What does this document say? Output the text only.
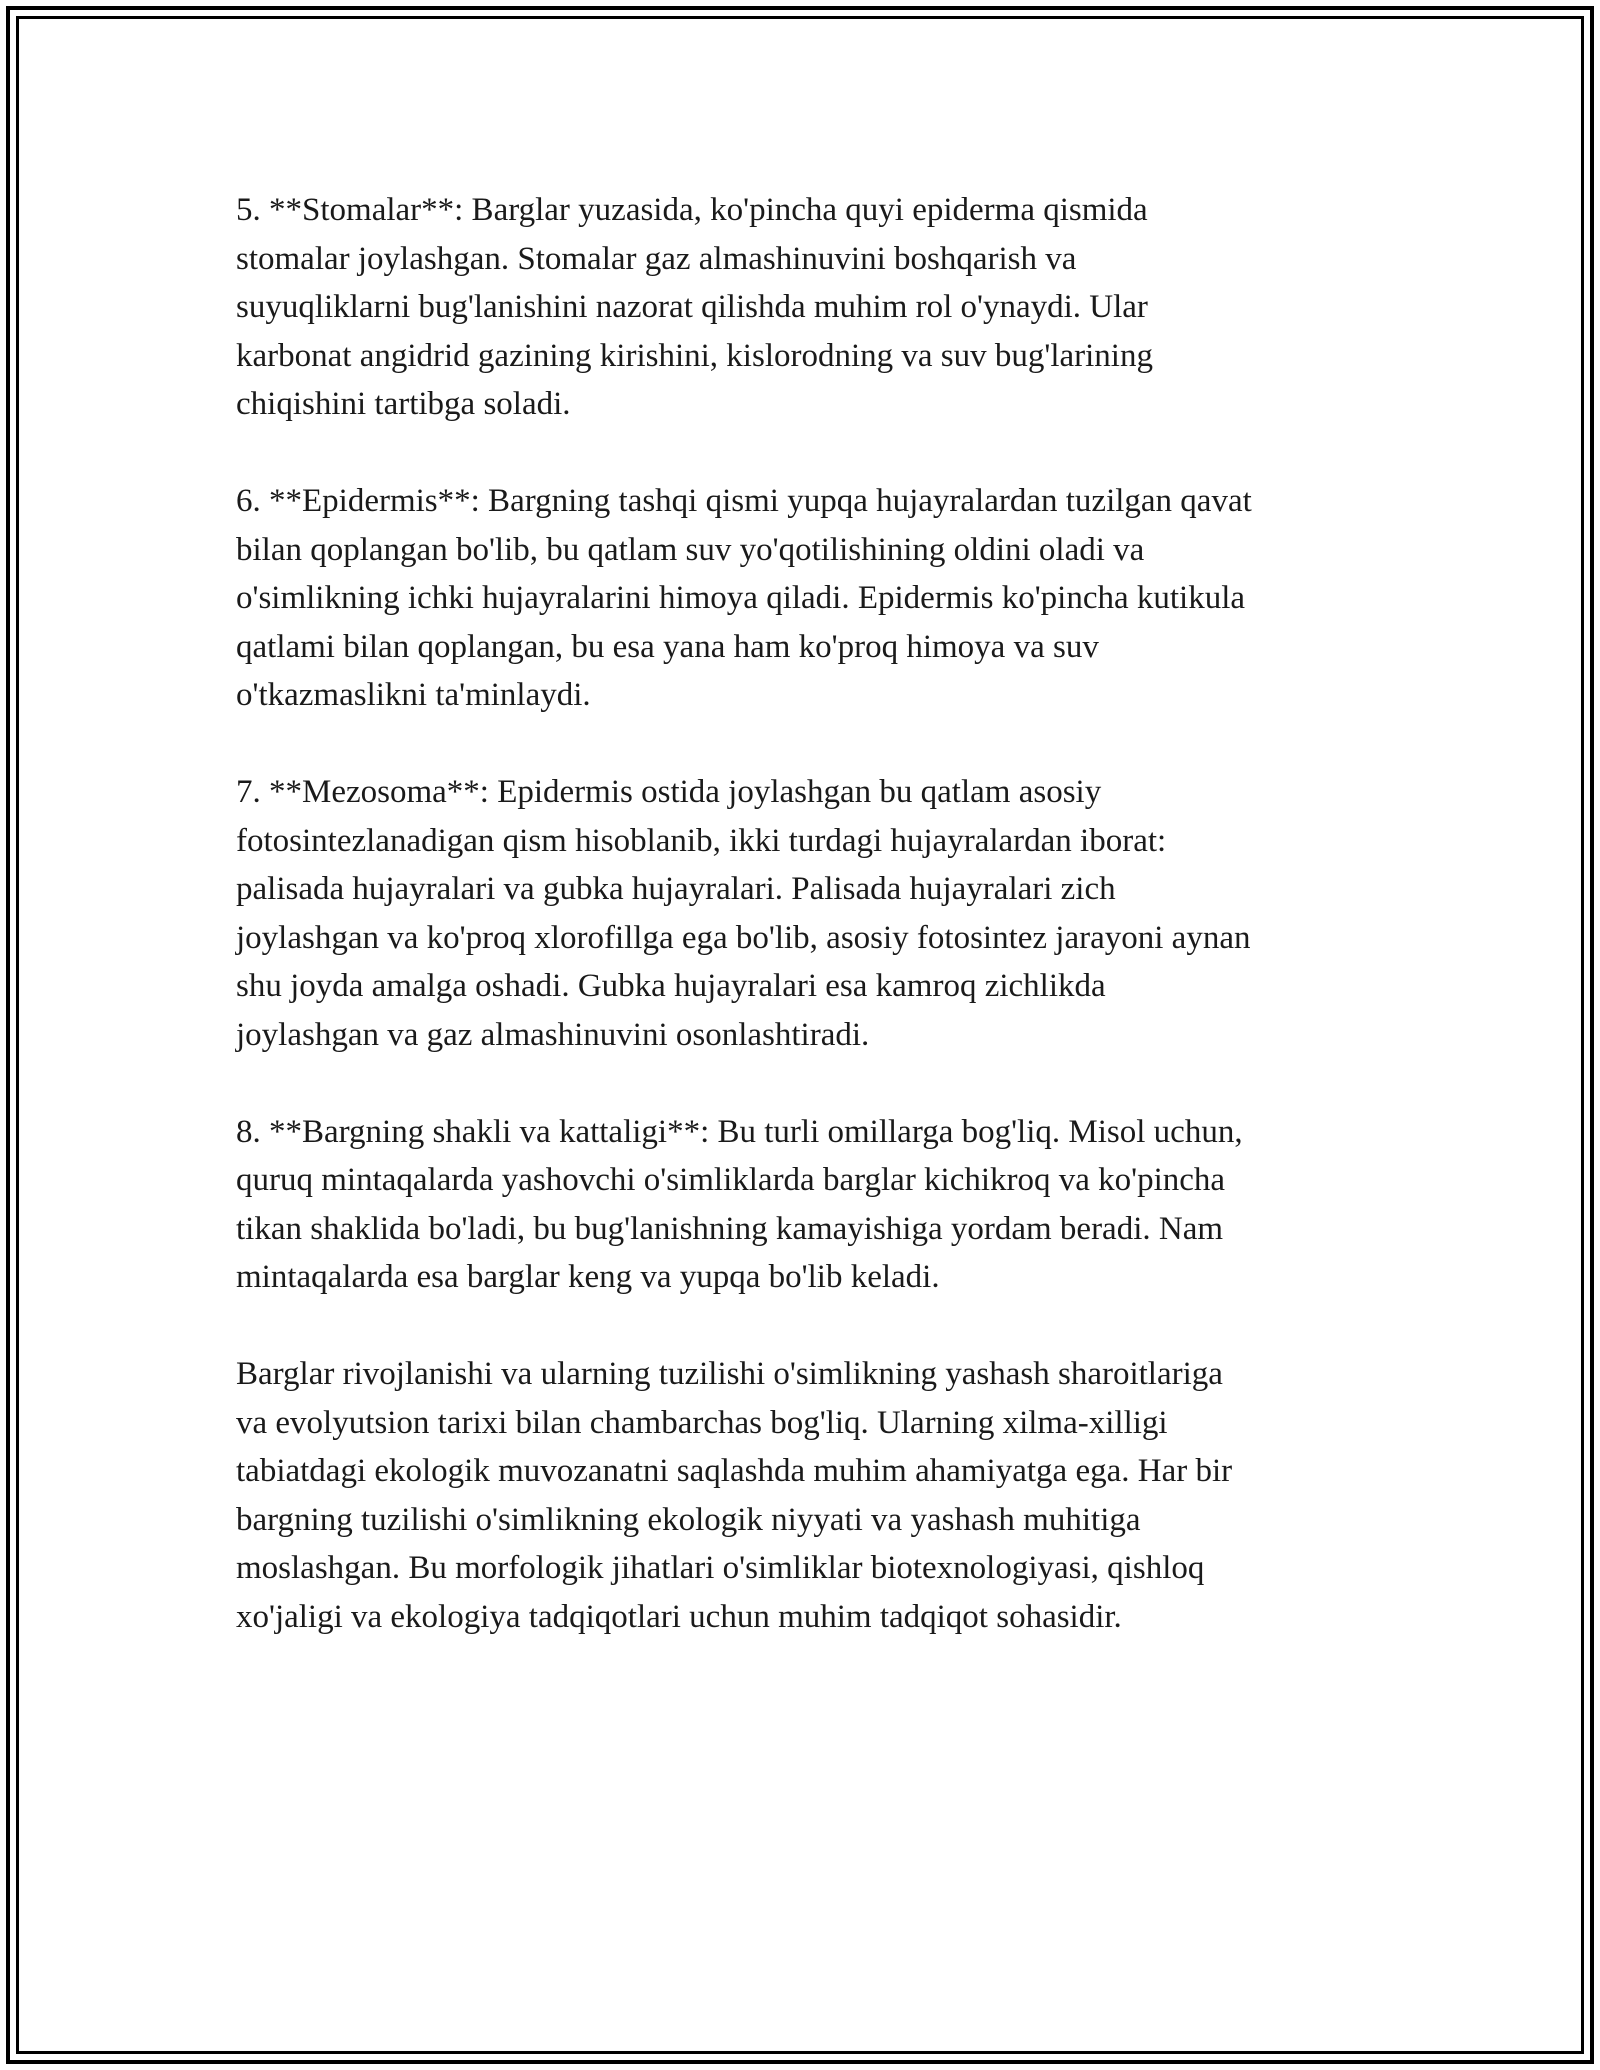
5. **Stomalar**: Barglar yuzasida, ko'pincha quyi epiderma qismida
stomalar joylashgan. Stomalar gaz almashinuvini boshqarish va
suyuqliklarni bug'lanishini nazorat qilishda muhim rol o'ynaydi. Ular
karbonat angidrid gazining kirishini, kislorodning va suv bug'larining
chiqishini tartibga soladi.

6. **Epidermis**: Bargning tashqi qismi yupqa hujayralardan tuzilgan qavat
bilan qoplangan bo'lib, bu qatlam suv yo'qotilishining oldini oladi va
o'simlikning ichki hujayralarini himoya qiladi. Epidermis ko'pincha kutikula
qatlami bilan qoplangan, bu esa yana ham ko'proq himoya va suv
o'tkazmaslikni ta'minlaydi.

7. **Mezosoma**: Epidermis ostida joylashgan bu qatlam asosiy
fotosintezlanadigan qism hisoblanib, ikki turdagi hujayralardan iborat:
palisada hujayralari va gubka hujayralari. Palisada hujayralari zich
joylashgan va ko'proq xlorofillga ega bo'lib, asosiy fotosintez jarayoni aynan
shu joyda amalga oshadi. Gubka hujayralari esa kamroq zichlikda
joylashgan va gaz almashinuvini osonlashtiradi.

8. **Bargning shakli va kattaligi**: Bu turli omillarga bog'liq. Misol uchun,
quruq mintaqalarda yashovchi o'simliklarda barglar kichikroq va ko'pincha
tikan shaklida bo'ladi, bu bug'lanishning kamayishiga yordam beradi. Nam
mintaqalarda esa barglar keng va yupqa bo'lib keladi.

Barglar rivojlanishi va ularning tuzilishi o'simlikning yashash sharoitlariga
va evolyutsion tarixi bilan chambarchas bog'liq. Ularning xilma-xilligi
tabiatdagi ekologik muvozanatni saqlashda muhim ahamiyatga ega. Har bir
bargning tuzilishi o'simlikning ekologik niyyati va yashash muhitiga
moslashgan. Bu morfologik jihatlari o'simliklar biotexnologiyasi, qishloq
xo'jaligi va ekologiya tadqiqotlari uchun muhim tadqiqot sohasidir.
